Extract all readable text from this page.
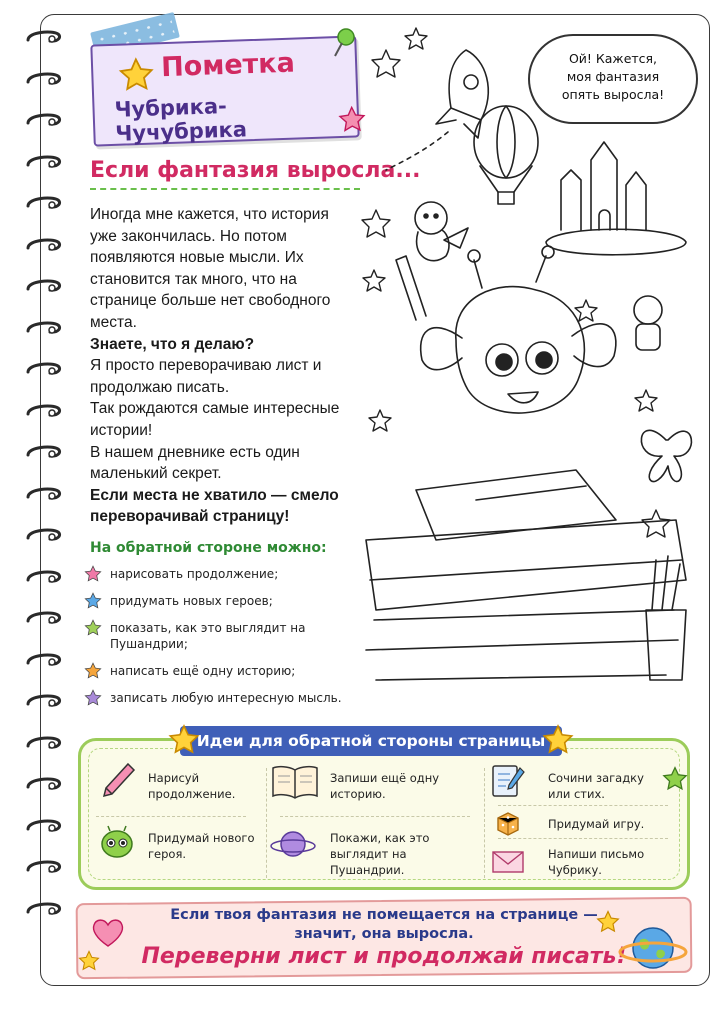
Пометка
Чубрика-Чучубрика
Если фантазия выросла...

Иногда мне кажется, что история уже закончилась. Но потом появляются новые мысли. Их становится так много, что на странице больше нет свободного места.

Знаете, что я делаю?

Я просто переворачиваю лист и продолжаю писать.

Так рождаются самые интересные истории!

В нашем дневнике есть один маленький секрет.

Если места не хватило — смело переворачивай страницу!

На обратной стороне можно:
нарисовать продолжение;
придумать новых героев;
показать, как это выглядит на Пушандрии;
написать ещё одну историю;
записать любую интересную мысль.
Ой! Кажется,
моя фантазия
опять выросла!
Идеи для обратной стороны страницы
Нарисуй продолжение.
Придумай нового героя.
Запиши ещё одну историю.
Покажи, как это выглядит на Пушандрии.
Сочини загадку или стих.
Придумай игру.
Напиши письмо Чубрику.
Если твоя фантазия не помещается на странице —
значит, она выросла.
Переверни лист и продолжай писать!
